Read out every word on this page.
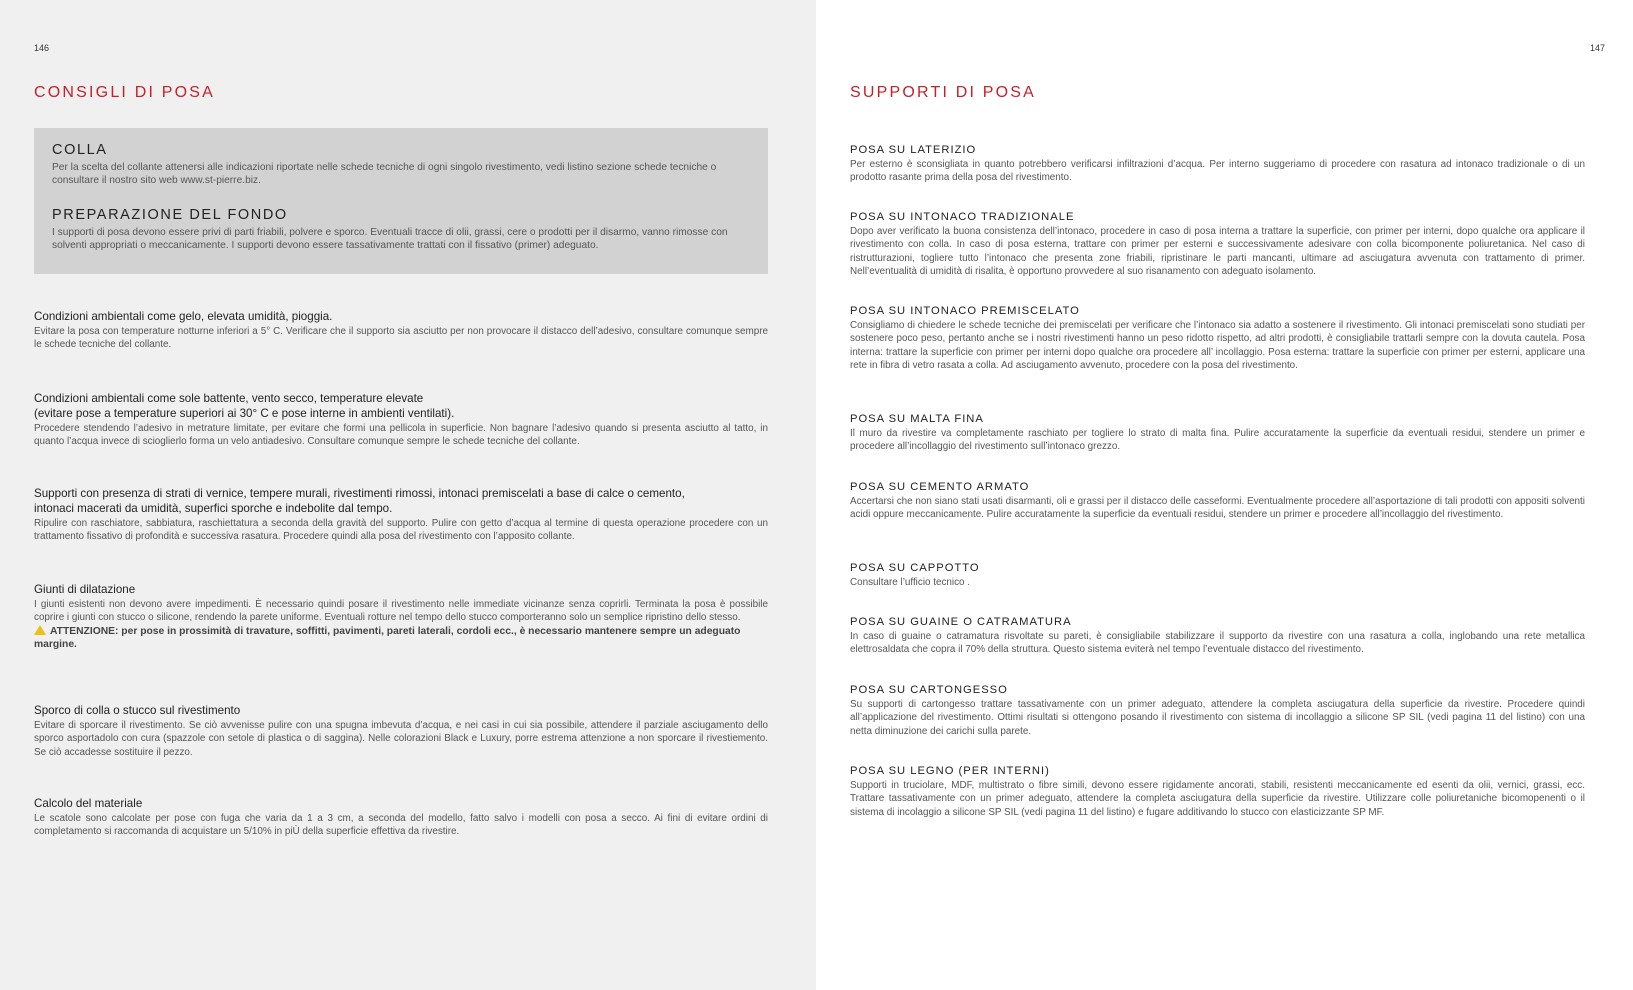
146
CONSIGLI DI POSA
COLLA

Per la scelta del collante attenersi alle indicazioni riportate nelle schede tecniche di ogni singolo rivestimento, vedi listino sezione schede tecniche o consultare il nostro sito web www.st-pierre.biz.

PREPARAZIONE DEL FONDO

I supporti di posa devono essere privi di parti friabili, polvere e sporco. Eventuali tracce di olii, grassi, cere o prodotti per il disarmo, vanno rimosse con solventi appropriati o meccanicamente. I supporti devono essere tassativamente trattati con il fissativo (primer) adeguato.

Condizioni ambientali come gelo, elevata umidità, pioggia.

Evitare la posa con temperature notturne inferiori a 5° C. Verificare che il supporto sia asciutto per non provocare il distacco dell’adesivo, consultare comunque sempre le schede tecniche del collante.

Condizioni ambientali come sole battente, vento secco, temperature elevate
(evitare pose a temperature superiori ai 30° C e pose interne in ambienti ventilati).

Procedere stendendo l’adesivo in metrature limitate, per evitare che formi una pellicola in superficie. Non bagnare l’adesivo quando si presenta asciutto al tatto, in quanto l’acqua invece di scioglierlo forma un velo antiadesivo. Consultare comunque sempre le schede tecniche del collante.

Supporti con presenza di strati di vernice, tempere murali, rivestimenti rimossi, intonaci premiscelati a base di calce o cemento,
intonaci macerati da umidità, superfici sporche e indebolite dal tempo.

Ripulire con raschiatore, sabbiatura, raschiettatura a seconda della gravità del supporto. Pulire con getto d’acqua al termine di questa operazione procedere con un trattamento fissativo di profondità e successiva rasatura. Procedere quindi alla posa del rivestimento con l’apposito collante.

Giunti di dilatazione

I giunti esistenti non devono avere impedimenti. È necessario quindi posare il rivestimento nelle immediate vicinanze senza coprirli. Terminata la posa è possibile coprire i giunti con stucco o silicone, rendendo la parete uniforme. Eventuali rotture nel tempo dello stucco comporteranno solo un semplice ripristino dello stesso.

ATTENZIONE: per pose in prossimità di travature, soffitti, pavimenti, pareti laterali, cordoli ecc., è necessario mantenere sempre un adeguato margine.

Sporco di colla o stucco sul rivestimento

Evitare di sporcare il rivestimento. Se ciò avvenisse pulire con una spugna imbevuta d’acqua, e nei casi in cui sia possibile, attendere il parziale asciugamento dello sporco asportadolo con cura (spazzole con setole di plastica o di saggina). Nelle colorazioni Black e Luxury, porre estrema attenzione a non sporcare il rivestiemento. Se ciò accadesse sostituire il pezzo.

Calcolo del materiale

Le scatole sono calcolate per pose con fuga che varia da 1 a 3 cm, a seconda del modello, fatto salvo i modelli con posa a secco. Ai fini di evitare ordini di completamento si raccomanda di acquistare un 5/10% in piÙ della superficie effettiva da rivestire.

147
SUPPORTI DI POSA
POSA SU LATERIZIO

Per esterno è sconsigliata in quanto potrebbero verificarsi infiltrazioni d’acqua. Per interno suggeriamo di procedere con rasatura ad intonaco tradizionale o di un prodotto rasante prima della posa del rivestimento.

POSA SU INTONACO TRADIZIONALE

Dopo aver verificato la buona consistenza dell’intonaco, procedere in caso di posa interna a trattare la superficie, con primer per interni, dopo qualche ora applicare il rivestimento con colla. In caso di posa esterna, trattare con primer per esterni e successivamente adesivare con colla bicomponente poliuretanica. Nel caso di ristrutturazioni, togliere tutto l’intonaco che presenta zone friabili, ripristinare le parti mancanti, ultimare ad asciugatura avvenuta con trattamento di primer. Nell’eventualità di umidità di risalita, è opportuno provvedere al suo risanamento con adeguato isolamento.

POSA SU INTONACO PREMISCELATO

Consigliamo di chiedere le schede tecniche dei premiscelati per verificare che l’intonaco sia adatto a sostenere il rivestimento. Gli intonaci premiscelati sono studiati per sostenere poco peso, pertanto anche se i nostri rivestimenti hanno un peso ridotto rispetto, ad altri prodotti, è consigliabile trattarli sempre con la dovuta cautela. Posa interna: trattare la superficie con primer per interni dopo qualche ora procedere all’ incollaggio. Posa esterna: trattare la superficie con primer per esterni, applicare una rete in fibra di vetro rasata a colla. Ad asciugamento avvenuto, procedere con la posa del rivestimento.

POSA SU MALTA FINA

Il muro da rivestire va completamente raschiato per togliere lo strato di malta fina. Pulire accuratamente la superficie da eventuali residui, stendere un primer e procedere all’incollaggio del rivestimento sull’intonaco grezzo.

POSA SU CEMENTO ARMATO

Accertarsi che non siano stati usati disarmanti, oli e grassi per il distacco delle casseformi. Eventualmente procedere all’asportazione di tali prodotti con appositi solventi acidi oppure meccanicamente. Pulire accuratamente la superficie da eventuali residui, stendere un primer e procedere all’incollaggio del rivestimento.

POSA SU CAPPOTTO

Consultare l’ufficio tecnico .

POSA SU GUAINE O CATRAMATURA

In caso di guaine o catramatura risvoltate su pareti, è consigliabile stabilizzare il supporto da rivestire con una rasatura a colla, inglobando una rete metallica elettrosaldata che copra il 70% della struttura. Questo sistema eviterà nel tempo l’eventuale distacco del rivestimento.

POSA SU CARTONGESSO

Su supporti di cartongesso trattare tassativamente con un primer adeguato, attendere la completa asciugatura della superficie da rivestire. Procedere quindi all’applicazione del rivestimento. Ottimi risultati si ottengono posando il rivestimento con sistema di incollaggio a silicone SP SIL (vedi pagina 11 del listino) con una netta diminuzione dei carichi sulla parete.

POSA SU LEGNO (PER INTERNI)

Supporti in truciolare, MDF, multistrato o fibre simili, devono essere rigidamente ancorati, stabili, resistenti meccanicamente ed esenti da olii, vernici, grassi, ecc. Trattare tassativamente con un primer adeguato, attendere la completa asciugatura della superficie da rivestire. Utilizzare colle poliuretaniche bicomopenenti o il sistema di incolaggio a silicone SP SIL (vedi pagina 11 del listino) e fugare additivando lo stucco con elasticizzante SP MF.
